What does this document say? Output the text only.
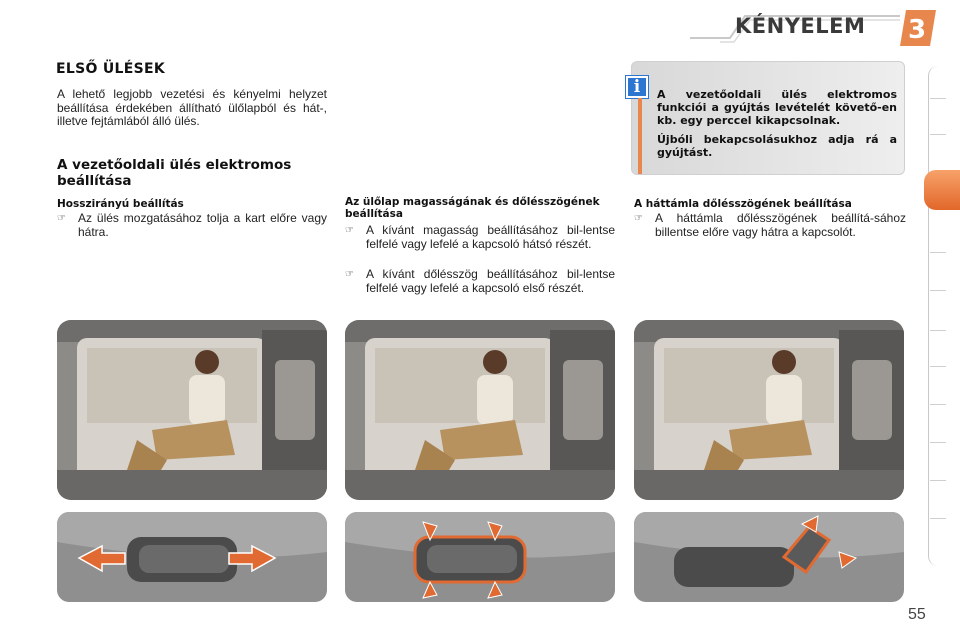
KÉNYELEM 3
ELSŐ ÜLÉSEK
A lehető legjobb vezetési és kényelmi helyzet beállítása érdekében állítható ülőlapból és hát-, illetve fejtámlából álló ülés.
A vezetőoldali ülés elektromos beállítása
Hosszirányú beállítás
☞	Az ülés mozgatásához tolja a kart előre vagy hátra.
Az ülőlap magasságának és dőlésszögének beállítása
☞	A kívánt magasság beállításához bil-lentse felfelé vagy lefelé a kapcsoló hátsó részét.
☞	A kívánt dőlésszög beállításához bil-lentse felfelé vagy lefelé a kapcsoló első részét.
A háttámla dőlésszögének beállítása
☞	A háttámla dőlésszögének beállítá-sához billentse előre vagy hátra a kapcsolót.
i	A vezetőoldali ülés elektromos funkciói a gyújtás levételét követő-en kb. egy perccel kikapcsolnak.

Újbóli bekapcsolásukhoz adja rá a gyújtást.

55
